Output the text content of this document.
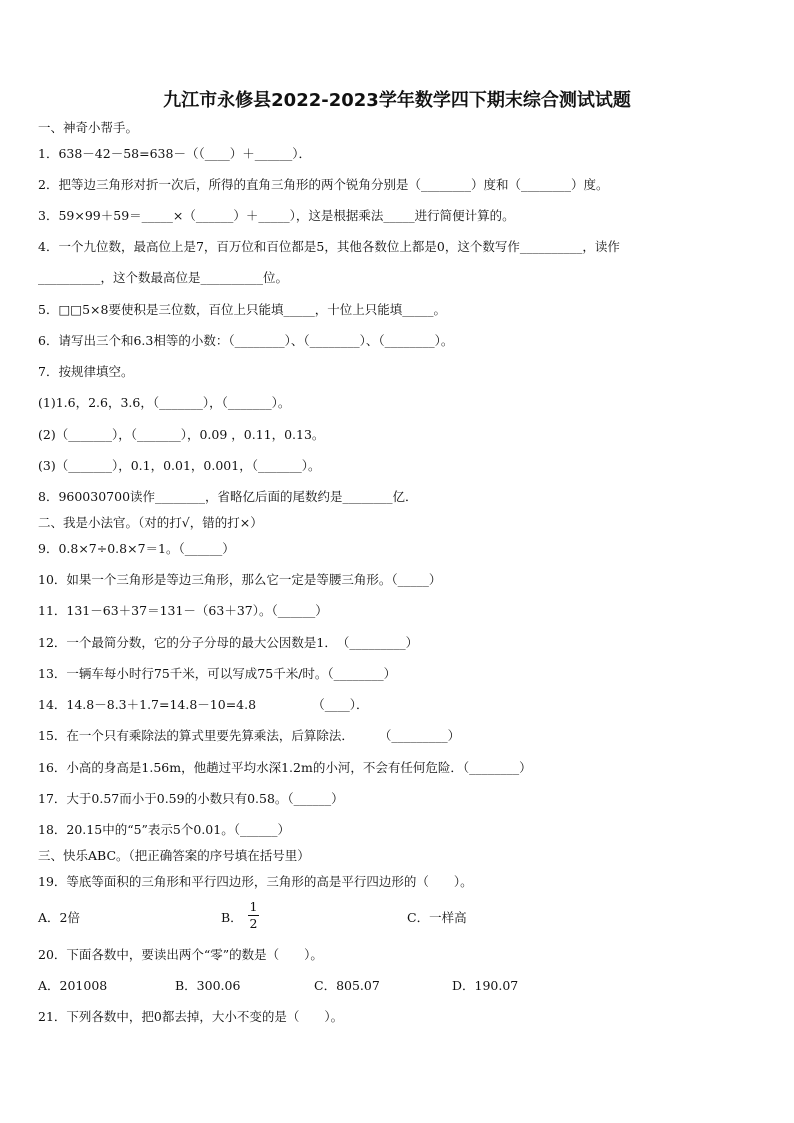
九江市永修县2022-2023学年数学四下期末综合测试试题
一、神奇小帮手。
1．638－42－58=638－（（____）＋______）．
2．把等边三角形对折一次后，所得的直角三角形的两个锐角分别是（________）度和（________）度。
3．59×99＋59＝_____×（______）＋_____），这是根据乘法_____进行简便计算的。
4．一个九位数，最高位上是7，百万位和百位都是5，其他各数位上都是0，这个数写作__________，读作
__________，这个数最高位是__________位。
5．□□5×8要使积是三位数，百位上只能填_____，十位上只能填_____。
6．请写出三个和6.3相等的小数：（________）、（________）、（________）。
7．按规律填空。
(1)1.6，2.6，3.6，（_______），（_______）。
(2)（_______），（_______），0.09 ，0.11，0.13。
(3)（_______），0.1，0.01，0.001，（_______）。
8．960030700读作________，省略亿后面的尾数约是________亿．
二、我是小法官。（对的打√，错的打×）
9．0.8×7÷0.8×7＝1。（______）
10．如果一个三角形是等边三角形，那么它一定是等腰三角形。（_____）
11．131－63＋37＝131－（63＋37）。（______）
12．一个最简分数，它的分子分母的最大公因数是1．　（_________）
13．一辆车每小时行75千米，可以写成75千米/时。（________）
14．14.8－8.3＋1.7=14.8－10=4.8　　　　　（____）．
15．在一个只有乘除法的算式里要先算乘法，后算除法．　　　（_________）
16．小高的身高是1.56m，他趟过平均水深1.2m的小河，不会有任何危险．（________）
17．大于0.57而小于0.59的小数只有0.58。（______）
18．20.15中的“5”表示5个0.01。（______）
三、快乐ABC。（把正确答案的序号填在括号里）
19．等底等面积的三角形和平行四边形，三角形的高是平行四边形的（　　）。
A．2倍	B．
1
2	C．一样高
20．下面各数中，要读出两个“零”的数是（　　）。
A．201008	B．300.06	C．805.07	D．190.07
21．下列各数中，把0都去掉，大小不变的是（　　）。
